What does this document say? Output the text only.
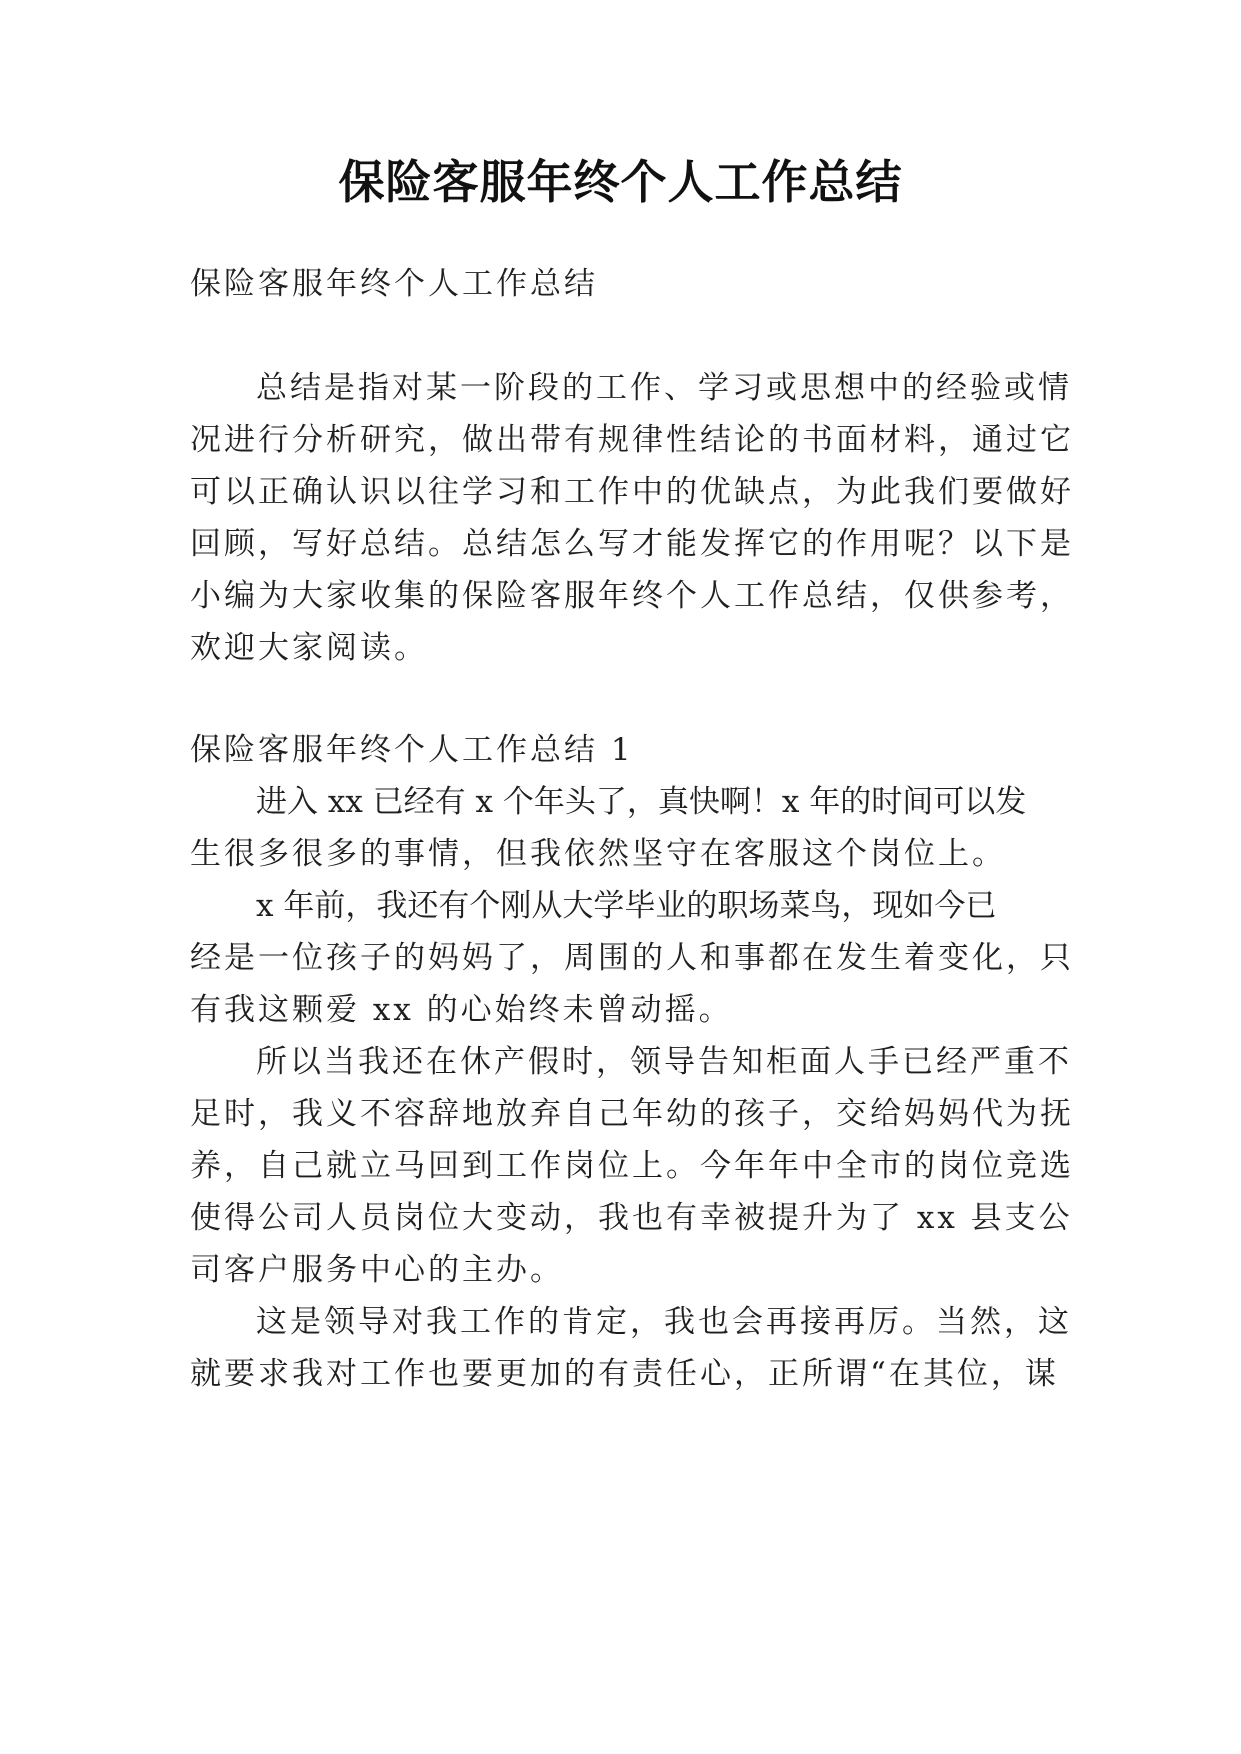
保险客服年终个人工作总结
保险客服年终个人工作总结
总结是指对某一阶段的工作、学习或思想中的经验或情
况进行分析研究，做出带有规律性结论的书面材料，通过它
可以正确认识以往学习和工作中的优缺点，为此我们要做好
回顾，写好总结。总结怎么写才能发挥它的作用呢？以下是
小编为大家收集的保险客服年终个人工作总结，仅供参考，
欢迎大家阅读。
保险客服年终个人工作总结 1
进入 xx 已经有 x 个年头了，真快啊！x 年的时间可以发
生很多很多的事情，但我依然坚守在客服这个岗位上。
x 年前，我还有个刚从大学毕业的职场菜鸟，现如今已
经是一位孩子的妈妈了，周围的人和事都在发生着变化，只
有我这颗爱 xx 的心始终未曾动摇。
所以当我还在休产假时，领导告知柜面人手已经严重不
足时，我义不容辞地放弃自己年幼的孩子，交给妈妈代为抚
养，自己就立马回到工作岗位上。今年年中全市的岗位竞选
使得公司人员岗位大变动，我也有幸被提升为了 xx 县支公
司客户服务中心的主办。
这是领导对我工作的肯定，我也会再接再厉。当然，这
就要求我对工作也要更加的有责任心，正所谓“在其位，谋
